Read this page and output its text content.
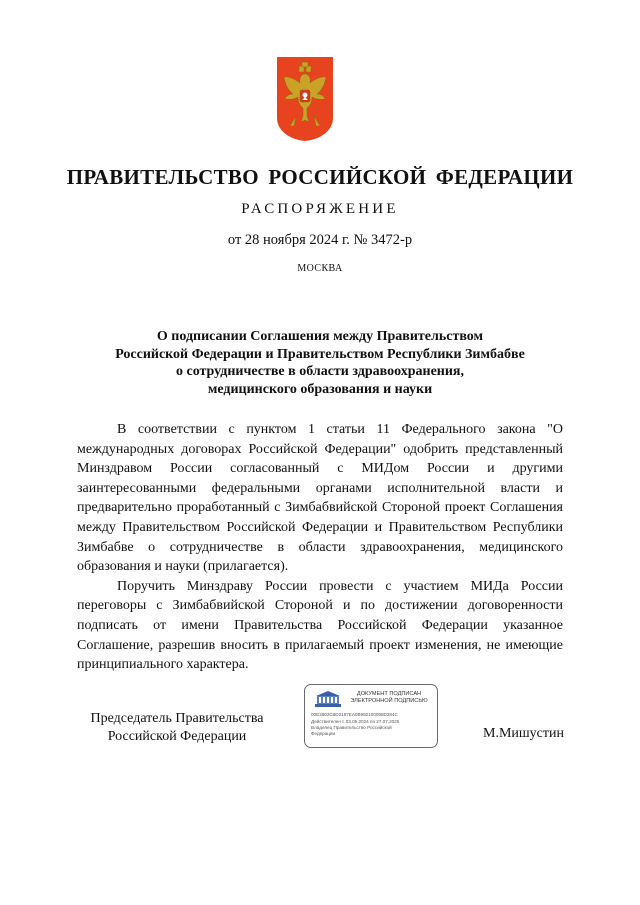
ПРАВИТЕЛЬСТВО РОССИЙСКОЙ ФЕДЕРАЦИИ
РАСПОРЯЖЕНИЕ
от 28 ноября 2024 г. № 3472-р
МОСКВА
О подписании Соглашения между Правительством
Российской Федерации и Правительством Республики Зимбабве
о сотрудничестве в области здравоохранения,
медицинского образования и науки

В соответствии с пунктом 1 статьи 11 Федерального закона "О международных договорах Российской Федерации" одобрить представленный Минздравом России согласованный с МИДом России и другими заинтересованными федеральными органами исполнительной власти и предварительно проработанный с Зимбабвийской Стороной проект Соглашения между Правительством Российской Федерации и Правительством Республики Зимбабве о сотрудничестве в области здравоохранения, медицинского образования и науки (прилагается).

Поручить Минздраву России провести с участием МИДа России переговоры с Зимбабвийской Стороной и по достижении договоренности подписать от имени Правительства Российской Федерации указанное Соглашение, разрешив вносить в прилагаемый проект изменения, не имеющие принципиального характера.

Председатель Правительства
Российской Федерации
ДОКУМЕНТ ПОДПИСАН
ЭЛЕКТРОННОЙ ПОДПИСЬЮ
00E3602C6D2197EA0B992100098D284C
Действителен с 03.05.2024 по 27.07.2025
Владелец Правительство Российской
Федерации	М.Мишустин
